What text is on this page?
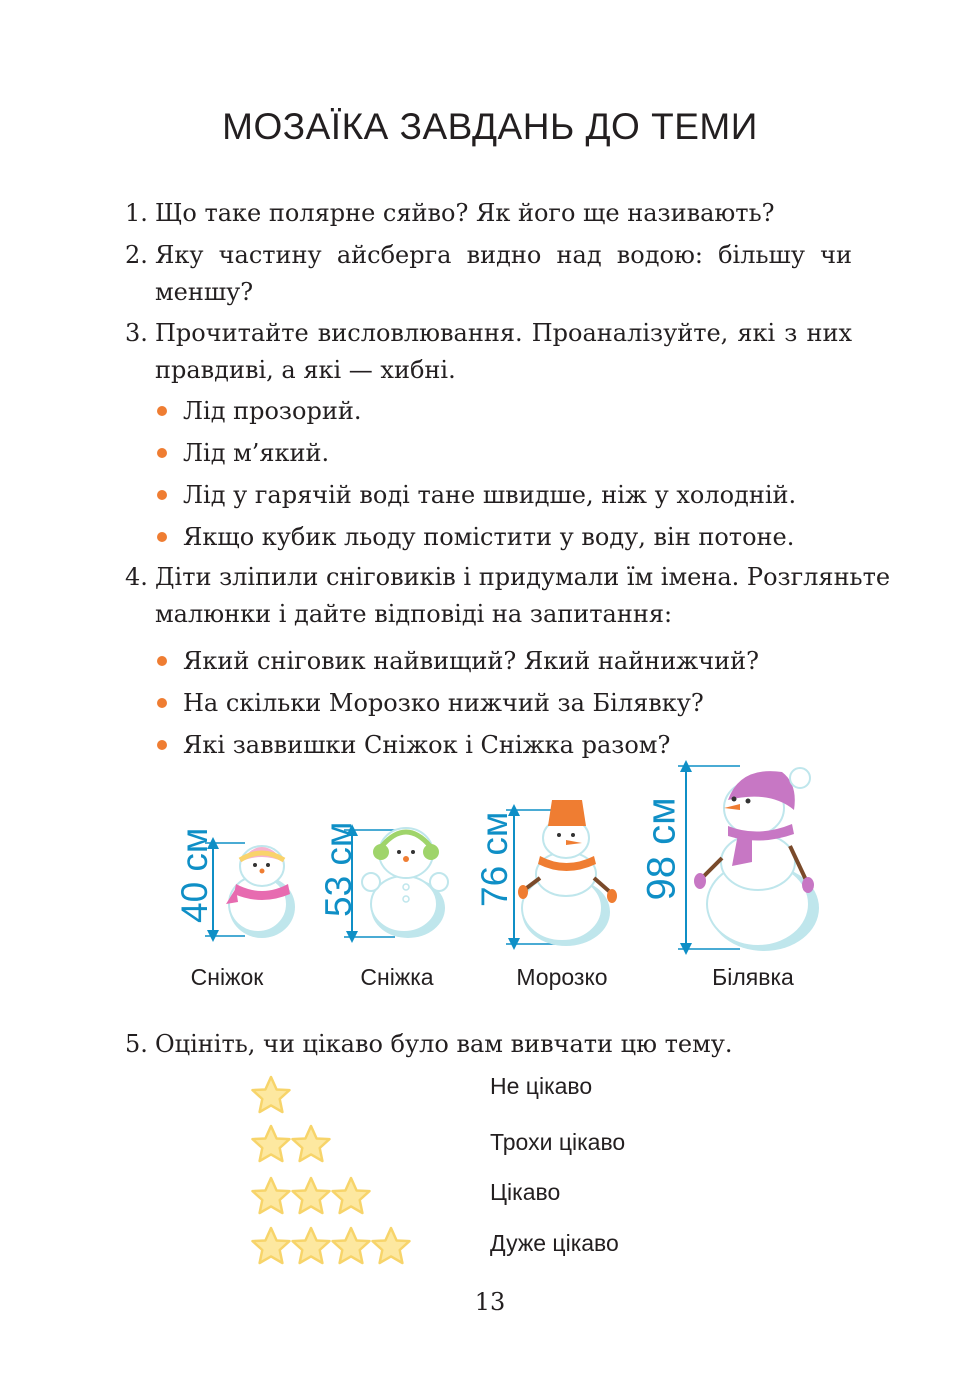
МОЗАЇКА ЗАВДАНЬ ДО ТЕМИ
1. Що таке полярне сяйво? Як його ще називають?
2. Яку частину айсберга видно над водою: більшу чи
меншу?
3. Прочитайте висловлювання. Проаналізуйте, які з них
правдиві, а які — хибні.
Лід прозорий.
Лід м’який.
Лід у гарячій воді тане швидше, ніж у холодній.
Якщо кубик льоду помістити у воду, він потоне.
4. Діти зліпили сніговиків і придумали їм імена. Розгляньте
малюнки і дайте відповіді на запитання:
Який сніговик найвищий? Який найнижчий?
На скільки Морозко нижчий за Білявку?
Які заввишки Сніжок і Сніжка разом?
40 см	53 см	76 см	98 см
Сніжок	Сніжка	Морозко	Білявка
5. Оцініть, чи цікаво було вам вивчати цю тему.
Не цікаво
Трохи цікаво
Цікаво
Дуже цікаво
13
